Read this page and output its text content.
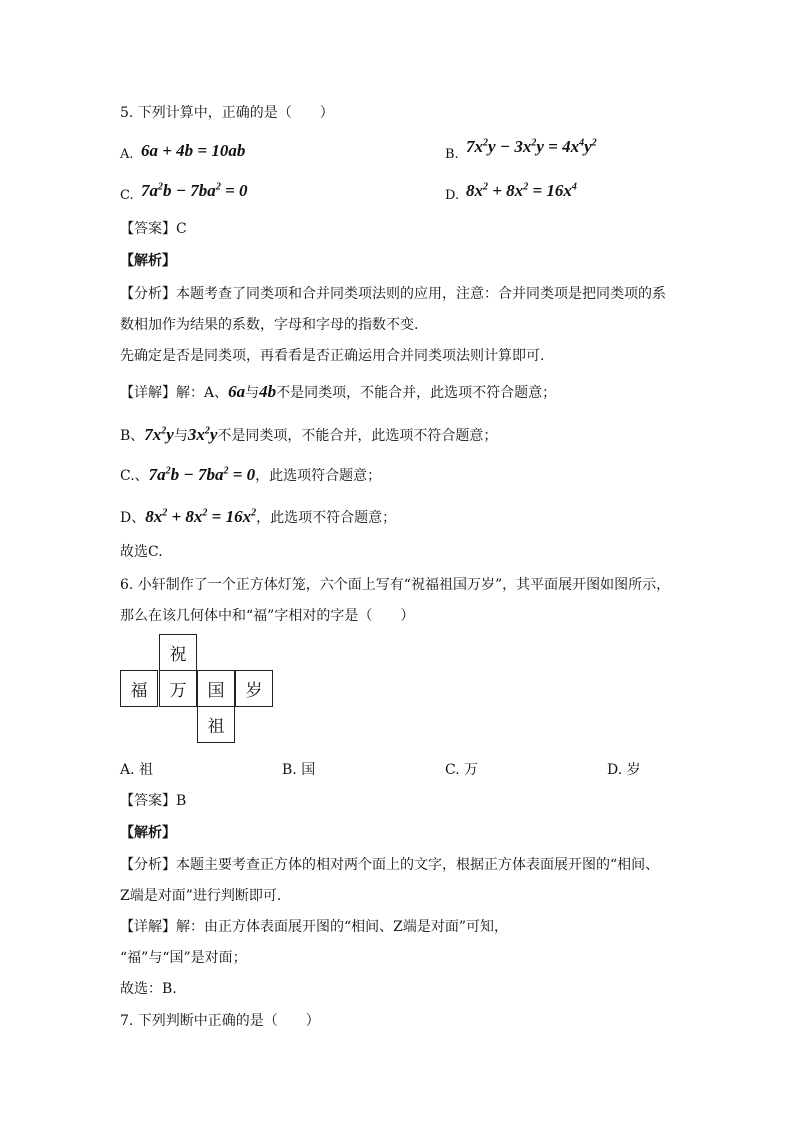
5. 下列计算中，正确的是（　　）
A. 6a + 4b = 10ab	B. $7x^2y - 3x^2y = 4x^4y^2$
C. $7a^2b - 7ba^2 = 0$	D. $8x^2 + 8x^2 = 16x^4$
【答案】C
【解析】
【分析】本题考查了同类项和合并同类项法则的应用，注意：合并同类项是把同类项的系
数相加作为结果的系数，字母和字母的指数不变.
先确定是否是同类项，再看看是否正确运用合并同类项法则计算即可.
【详解】解：A、6a与4b不是同类项，不能合并，此选项不符合题意；
B、$7x^2y$与$3x^2y$不是同类项，不能合并，此选项不符合题意；
C.、$7a^2b - 7ba^2 = 0$，此选项符合题意；
D、$8x^2 + 8x^2 = 16x^2$，此选项不符合题意；
故选C.
6. 小轩制作了一个正方体灯笼，六个面上写有“祝福祖国万岁”，其平面展开图如图所示，
那么在该几何体中和“福”字相对的字是（　　）
祝
福	万	国	岁
祖
A. 祖	B. 国	C. 万	D. 岁
【答案】B
【解析】
【分析】本题主要考查正方体的相对两个面上的文字，根据正方体表面展开图的“相间、
Z端是对面”进行判断即可.
【详解】解：由正方体表面展开图的“相间、Z端是对面”可知，
“福”与“国”是对面；
故选：B.
7. 下列判断中正确的是（　　）
